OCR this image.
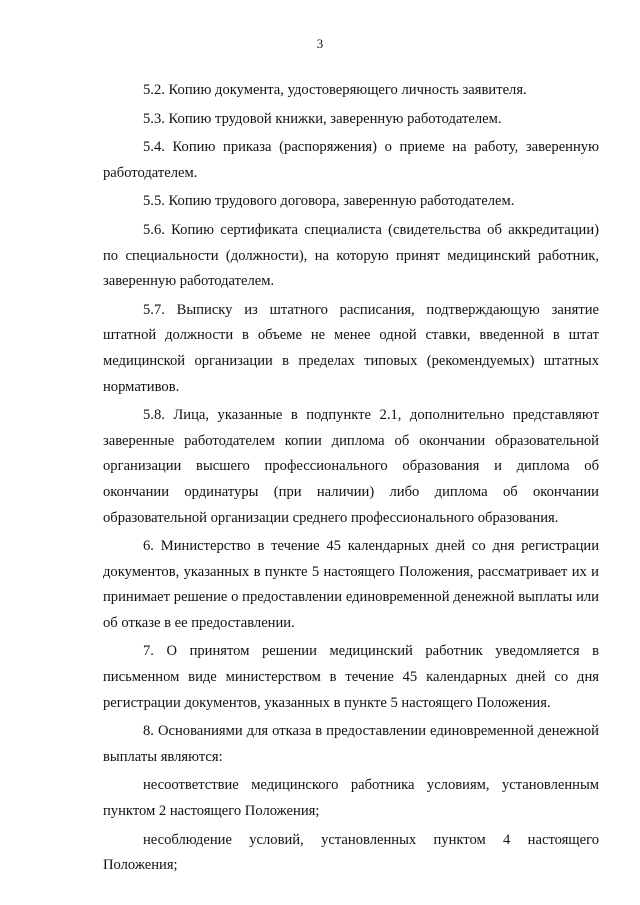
3

5.2. Копию документа, удостоверяющего личность заявителя.

5.3. Копию трудовой книжки, заверенную работодателем.

5.4. Копию приказа (распоряжения) о приеме на работу, заверенную работодателем.

5.5. Копию трудового договора, заверенную работодателем.

5.6. Копию сертификата специалиста (свидетельства об аккредитации) по специальности (должности), на которую принят медицинский работник, заверенную работодателем.

5.7. Выписку из штатного расписания, подтверждающую занятие штатной должности в объеме не менее одной ставки, введенной в штат медицинской организации в пределах типовых (рекомендуемых) штатных нормативов.

5.8. Лица, указанные в подпункте 2.1, дополнительно представляют заверенные работодателем копии диплома об окончании образовательной организации высшего профессионального образования и диплома об окончании ординатуры (при наличии) либо диплома об окончании образовательной организации среднего профессионального образования.

6. Министерство в течение 45 календарных дней со дня регистрации документов, указанных в пункте 5 настоящего Положения, рассматривает их и принимает решение о предоставлении единовременной денежной выплаты или об отказе в ее предоставлении.

7. О принятом решении медицинский работник уведомляется в письменном виде министерством в течение 45 календарных дней со дня регистрации документов, указанных в пункте 5 настоящего Положения.

8. Основаниями для отказа в предоставлении единовременной денежной выплаты являются:

несоответствие медицинского работника условиям, установленным пунктом 2 настоящего Положения;

несоблюдение условий, установленных пунктом 4 настоящего Положения;
